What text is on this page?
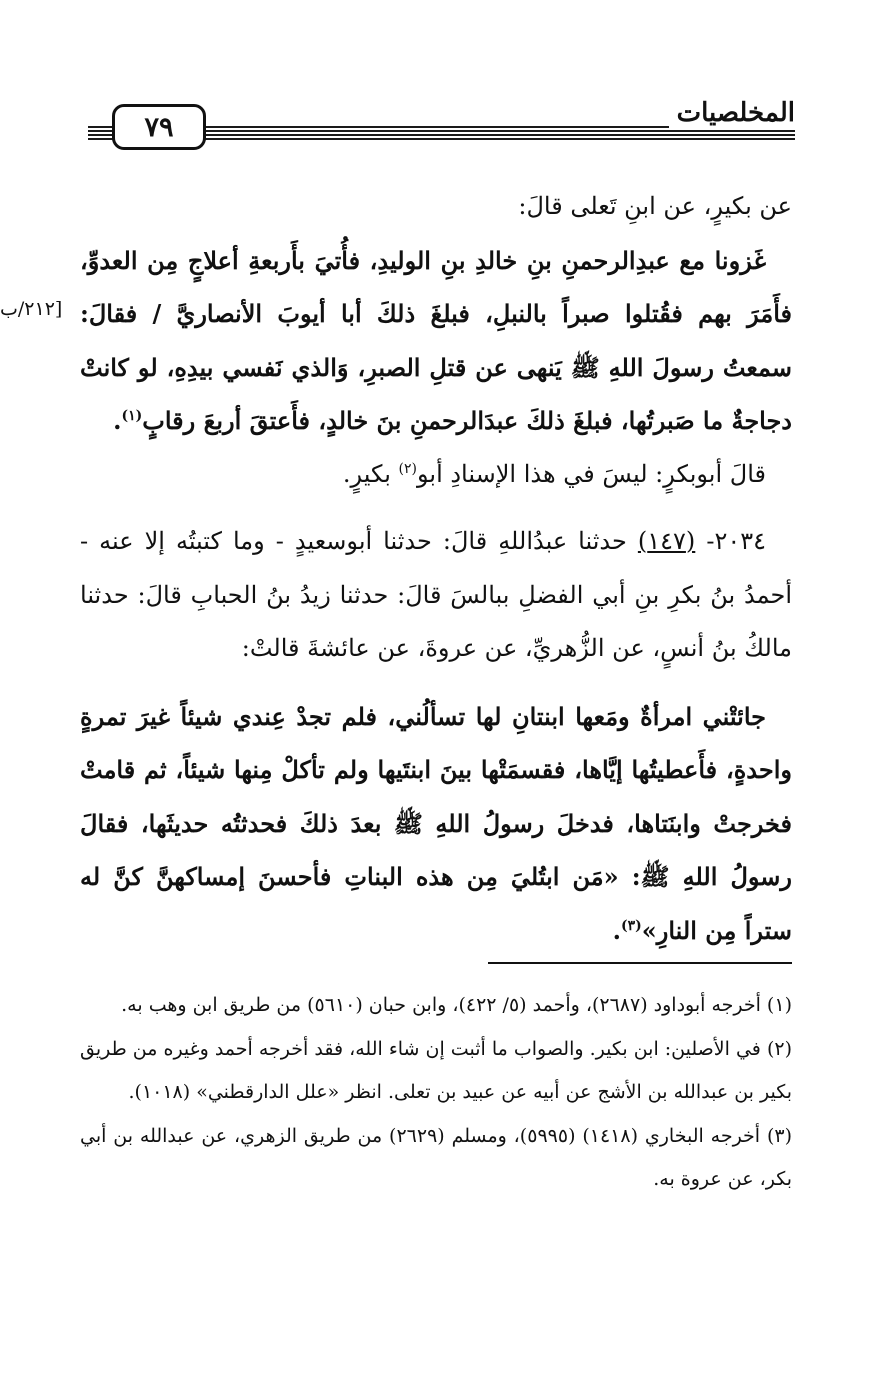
٧٩	المخلصيات
[٢١٢/ب

عن بكيرٍ، عن ابنِ تَعلى قالَ:

غَزونا مع عبدِالرحمنِ بنِ خالدِ بنِ الوليدِ، فأُتيَ بأَربعةِ أعلاجٍ مِن العدوِّ، فأَمَرَ بهم فقُتلوا صبراً بالنبلِ، فبلغَ ذلكَ أبا أيوبَ الأنصاريَّ / فقالَ: سمعتُ رسولَ اللهِ ﷺ يَنهى عن قتلِ الصبرِ، وَالذي نَفسي بيدِهِ، لو كانتْ دجاجةٌ ما صَبرتُها، فبلغَ ذلكَ عبدَالرحمنِ بنَ خالدٍ، فأَعتقَ أربعَ رقابٍ$^{(١)}$.

قالَ أبوبكرٍ: ليسَ في هذا الإسنادِ أبو$^{(٢)}$ بكيرٍ.

٢٠٣٤- (١٤٧) حدثنا عبدُاللهِ قالَ: حدثنا أبوسعيدٍ - وما كتبتُه إلا عنه - أحمدُ بنُ بكرِ بنِ أبي الفضلِ ببالسَ قالَ: حدثنا زيدُ بنُ الحبابِ قالَ: حدثنا مالكُ بنُ أنسٍ، عن الزُّهريِّ، عن عروةَ، عن عائشةَ قالتْ:

جائتْني امرأةٌ ومَعها ابنتانِ لها تسألُني، فلم تجدْ عِندي شيئاً غيرَ تمرةٍ واحدةٍ، فأَعطيتُها إيَّاها، فقسمَتْها بينَ ابنتَيها ولم تأكلْ مِنها شيئاً، ثم قامتْ فخرجتْ وابنَتاها، فدخلَ رسولُ اللهِ ﷺ بعدَ ذلكَ فحدثتُه حديثَها، فقالَ رسولُ اللهِ ﷺ: «مَن ابتُليَ مِن هذه البناتِ فأحسنَ إمساكهنَّ كنَّ له ستراً مِن النارِ»$^{(٣)}$.

(١) أخرجه أبوداود (٢٦٨٧)، وأحمد (٥/ ٤٢٢)، وابن حبان (٥٦١٠) من طريق ابن وهب به.

(٢) في الأصلين: ابن بكير. والصواب ما أثبت إن شاء الله، فقد أخرجه أحمد وغيره من طريق بكير بن عبدالله بن الأشج عن أبيه عن عبيد بن تعلى. انظر «علل الدارقطني» (١٠١٨).

(٣) أخرجه البخاري (١٤١٨) (٥٩٩٥)، ومسلم (٢٦٢٩) من طريق الزهري، عن عبدالله بن أبي بكر، عن عروة به.
